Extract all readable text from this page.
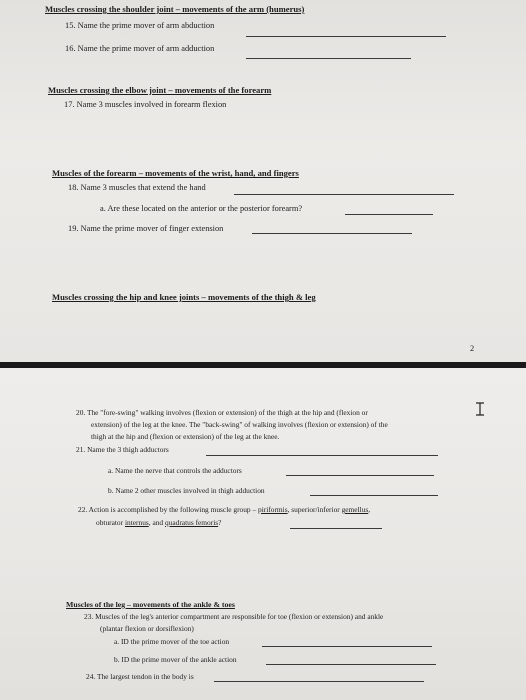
Muscles crossing the shoulder joint – movements of the arm (humerus)
15. Name the prime mover of arm abduction
16. Name the prime mover of arm adduction
Muscles crossing the elbow joint – movements of the forearm
17. Name 3 muscles involved in forearm flexion
Muscles of the forearm – movements of the wrist, hand, and fingers
18. Name 3 muscles that extend the hand
a. Are these located on the anterior or the posterior forearm?
19. Name the prime mover of finger extension
Muscles crossing the hip and knee joints – movements of the thigh & leg
2
20. The "fore-swing" walking involves (flexion or extension) of the thigh at the hip and (flexion or
extension) of the leg at the knee. The "back-swing" of walking involves (flexion or extension) of the
thigh at the hip and (flexion or extension) of the leg at the knee.
21. Name the 3 thigh adductors
a. Name the nerve that controls the adductors
b. Name 2 other muscles involved in thigh adduction
22. Action is accomplished by the following muscle group – piriformis, superior/inferior gemellus,
obturator internus, and quadratus femoris?
Muscles of the leg – movements of the ankle & toes
23. Muscles of the leg's anterior compartment are responsible for toe (flexion or extension) and ankle
(plantar flexion or dorsiflexion)
a. ID the prime mover of the toe action
b. ID the prime mover of the ankle action
24. The largest tendon in the body is
